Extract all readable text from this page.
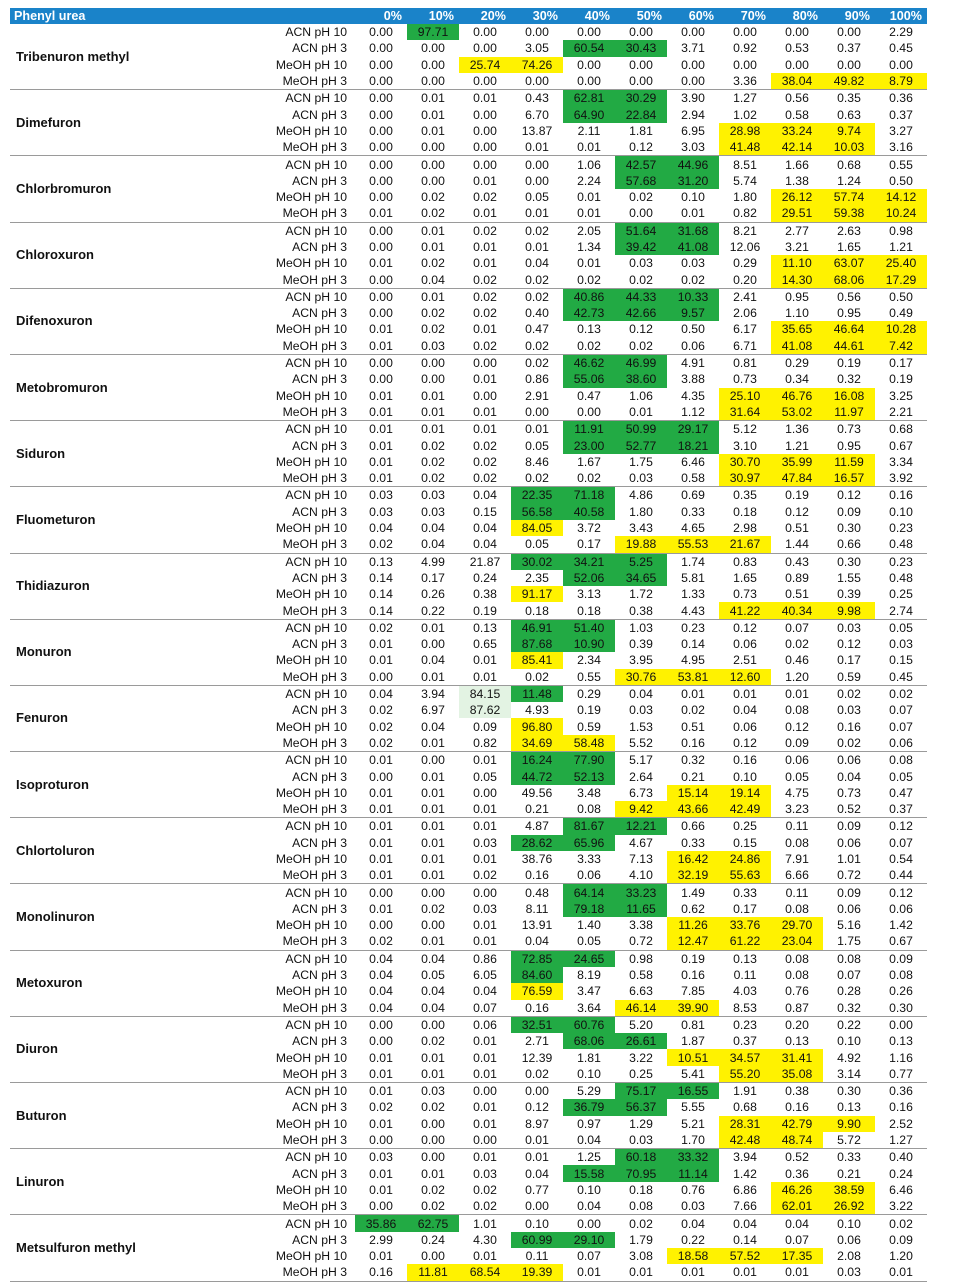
Phenyl urea		0%	10%	20%	30%	40%	50%	60%	70%	80%	90%	100%
Tribenuron methyl	ACN pH 10	0.00	97.71	0.00	0.00	0.00	0.00	0.00	0.00	0.00	0.00	2.29
	ACN pH 3	0.00	0.00	0.00	3.05	60.54	30.43	3.71	0.92	0.53	0.37	0.45
	MeOH pH 10	0.00	0.00	25.74	74.26	0.00	0.00	0.00	0.00	0.00	0.00	0.00
	MeOH pH 3	0.00	0.00	0.00	0.00	0.00	0.00	0.00	3.36	38.04	49.82	8.79
Dimefuron	ACN pH 10	0.00	0.01	0.01	0.43	62.81	30.29	3.90	1.27	0.56	0.35	0.36
	ACN pH 3	0.00	0.01	0.00	6.70	64.90	22.84	2.94	1.02	0.58	0.63	0.37
	MeOH pH 10	0.00	0.01	0.00	13.87	2.11	1.81	6.95	28.98	33.24	9.74	3.27
	MeOH pH 3	0.00	0.00	0.00	0.01	0.01	0.12	3.03	41.48	42.14	10.03	3.16
Chlorbromuron	ACN pH 10	0.00	0.00	0.00	0.00	1.06	42.57	44.96	8.51	1.66	0.68	0.55
	ACN pH 3	0.00	0.00	0.01	0.00	2.24	57.68	31.20	5.74	1.38	1.24	0.50
	MeOH pH 10	0.00	0.02	0.02	0.05	0.01	0.02	0.10	1.80	26.12	57.74	14.12
	MeOH pH 3	0.01	0.02	0.01	0.01	0.01	0.00	0.01	0.82	29.51	59.38	10.24
Chloroxuron	ACN pH 10	0.00	0.01	0.02	0.02	2.05	51.64	31.68	8.21	2.77	2.63	0.98
	ACN pH 3	0.00	0.01	0.01	0.01	1.34	39.42	41.08	12.06	3.21	1.65	1.21
	MeOH pH 10	0.01	0.02	0.01	0.04	0.01	0.03	0.03	0.29	11.10	63.07	25.40
	MeOH pH 3	0.00	0.04	0.02	0.02	0.02	0.02	0.02	0.20	14.30	68.06	17.29
Difenoxuron	ACN pH 10	0.00	0.01	0.02	0.02	40.86	44.33	10.33	2.41	0.95	0.56	0.50
	ACN pH 3	0.00	0.02	0.02	0.40	42.73	42.66	9.57	2.06	1.10	0.95	0.49
	MeOH pH 10	0.01	0.02	0.01	0.47	0.13	0.12	0.50	6.17	35.65	46.64	10.28
	MeOH pH 3	0.01	0.03	0.02	0.02	0.02	0.02	0.06	6.71	41.08	44.61	7.42
Metobromuron	ACN pH 10	0.00	0.00	0.00	0.02	46.62	46.99	4.91	0.81	0.29	0.19	0.17
	ACN pH 3	0.00	0.00	0.01	0.86	55.06	38.60	3.88	0.73	0.34	0.32	0.19
	MeOH pH 10	0.01	0.01	0.00	2.91	0.47	1.06	4.35	25.10	46.76	16.08	3.25
	MeOH pH 3	0.01	0.01	0.01	0.00	0.00	0.01	1.12	31.64	53.02	11.97	2.21
Siduron	ACN pH 10	0.01	0.01	0.01	0.01	11.91	50.99	29.17	5.12	1.36	0.73	0.68
	ACN pH 3	0.01	0.02	0.02	0.05	23.00	52.77	18.21	3.10	1.21	0.95	0.67
	MeOH pH 10	0.01	0.02	0.02	8.46	1.67	1.75	6.46	30.70	35.99	11.59	3.34
	MeOH pH 3	0.01	0.02	0.02	0.02	0.02	0.03	0.58	30.97	47.84	16.57	3.92
Fluometuron	ACN pH 10	0.03	0.03	0.04	22.35	71.18	4.86	0.69	0.35	0.19	0.12	0.16
	ACN pH 3	0.03	0.03	0.15	56.58	40.58	1.80	0.33	0.18	0.12	0.09	0.10
	MeOH pH 10	0.04	0.04	0.04	84.05	3.72	3.43	4.65	2.98	0.51	0.30	0.23
	MeOH pH 3	0.02	0.04	0.04	0.05	0.17	19.88	55.53	21.67	1.44	0.66	0.48
Thidiazuron	ACN pH 10	0.13	4.99	21.87	30.02	34.21	5.25	1.74	0.83	0.43	0.30	0.23
	ACN pH 3	0.14	0.17	0.24	2.35	52.06	34.65	5.81	1.65	0.89	1.55	0.48
	MeOH pH 10	0.14	0.26	0.38	91.17	3.13	1.72	1.33	0.73	0.51	0.39	0.25
	MeOH pH 3	0.14	0.22	0.19	0.18	0.18	0.38	4.43	41.22	40.34	9.98	2.74
Monuron	ACN pH 10	0.02	0.01	0.13	46.91	51.40	1.03	0.23	0.12	0.07	0.03	0.05
	ACN pH 3	0.01	0.00	0.65	87.68	10.90	0.39	0.14	0.06	0.02	0.12	0.03
	MeOH pH 10	0.01	0.04	0.01	85.41	2.34	3.95	4.95	2.51	0.46	0.17	0.15
	MeOH pH 3	0.00	0.01	0.01	0.02	0.55	30.76	53.81	12.60	1.20	0.59	0.45
Fenuron	ACN pH 10	0.04	3.94	84.15	11.48	0.29	0.04	0.01	0.01	0.01	0.02	0.02
	ACN pH 3	0.02	6.97	87.62	4.93	0.19	0.03	0.02	0.04	0.08	0.03	0.07
	MeOH pH 10	0.02	0.04	0.09	96.80	0.59	1.53	0.51	0.06	0.12	0.16	0.07
	MeOH pH 3	0.02	0.01	0.82	34.69	58.48	5.52	0.16	0.12	0.09	0.02	0.06
Isoproturon	ACN pH 10	0.01	0.00	0.01	16.24	77.90	5.17	0.32	0.16	0.06	0.06	0.08
	ACN pH 3	0.00	0.01	0.05	44.72	52.13	2.64	0.21	0.10	0.05	0.04	0.05
	MeOH pH 10	0.01	0.01	0.00	49.56	3.48	6.73	15.14	19.14	4.75	0.73	0.47
	MeOH pH 3	0.01	0.01	0.01	0.21	0.08	9.42	43.66	42.49	3.23	0.52	0.37
Chlortoluron	ACN pH 10	0.01	0.01	0.01	4.87	81.67	12.21	0.66	0.25	0.11	0.09	0.12
	ACN pH 3	0.01	0.01	0.03	28.62	65.96	4.67	0.33	0.15	0.08	0.06	0.07
	MeOH pH 10	0.01	0.01	0.01	38.76	3.33	7.13	16.42	24.86	7.91	1.01	0.54
	MeOH pH 3	0.01	0.01	0.02	0.16	0.06	4.10	32.19	55.63	6.66	0.72	0.44
Monolinuron	ACN pH 10	0.00	0.00	0.00	0.48	64.14	33.23	1.49	0.33	0.11	0.09	0.12
	ACN pH 3	0.01	0.02	0.03	8.11	79.18	11.65	0.62	0.17	0.08	0.06	0.06
	MeOH pH 10	0.00	0.00	0.01	13.91	1.40	3.38	11.26	33.76	29.70	5.16	1.42
	MeOH pH 3	0.02	0.01	0.01	0.04	0.05	0.72	12.47	61.22	23.04	1.75	0.67
Metoxuron	ACN pH 10	0.04	0.04	0.86	72.85	24.65	0.98	0.19	0.13	0.08	0.08	0.09
	ACN pH 3	0.04	0.05	6.05	84.60	8.19	0.58	0.16	0.11	0.08	0.07	0.08
	MeOH pH 10	0.04	0.04	0.04	76.59	3.47	6.63	7.85	4.03	0.76	0.28	0.26
	MeOH pH 3	0.04	0.04	0.07	0.16	3.64	46.14	39.90	8.53	0.87	0.32	0.30
Diuron	ACN pH 10	0.00	0.00	0.06	32.51	60.76	5.20	0.81	0.23	0.20	0.22	0.00
	ACN pH 3	0.00	0.02	0.01	2.71	68.06	26.61	1.87	0.37	0.13	0.10	0.13
	MeOH pH 10	0.01	0.01	0.01	12.39	1.81	3.22	10.51	34.57	31.41	4.92	1.16
	MeOH pH 3	0.01	0.01	0.01	0.02	0.10	0.25	5.41	55.20	35.08	3.14	0.77
Buturon	ACN pH 10	0.01	0.03	0.00	0.00	5.29	75.17	16.55	1.91	0.38	0.30	0.36
	ACN pH 3	0.02	0.02	0.01	0.12	36.79	56.37	5.55	0.68	0.16	0.13	0.16
	MeOH pH 10	0.01	0.00	0.01	8.97	0.97	1.29	5.21	28.31	42.79	9.90	2.52
	MeOH pH 3	0.00	0.00	0.00	0.01	0.04	0.03	1.70	42.48	48.74	5.72	1.27
Linuron	ACN pH 10	0.03	0.00	0.01	0.01	1.25	60.18	33.32	3.94	0.52	0.33	0.40
	ACN pH 3	0.01	0.01	0.03	0.04	15.58	70.95	11.14	1.42	0.36	0.21	0.24
	MeOH pH 10	0.01	0.02	0.02	0.77	0.10	0.18	0.76	6.86	46.26	38.59	6.46
	MeOH pH 3	0.00	0.02	0.02	0.00	0.04	0.08	0.03	7.66	62.01	26.92	3.22
Metsulfuron methyl	ACN pH 10	35.86	62.75	1.01	0.10	0.00	0.02	0.04	0.04	0.04	0.10	0.02
	ACN pH 3	2.99	0.24	4.30	60.99	29.10	1.79	0.22	0.14	0.07	0.06	0.09
	MeOH pH 10	0.01	0.00	0.01	0.11	0.07	3.08	18.58	57.52	17.35	2.08	1.20
	MeOH pH 3	0.16	11.81	68.54	19.39	0.01	0.01	0.01	0.01	0.01	0.03	0.01
